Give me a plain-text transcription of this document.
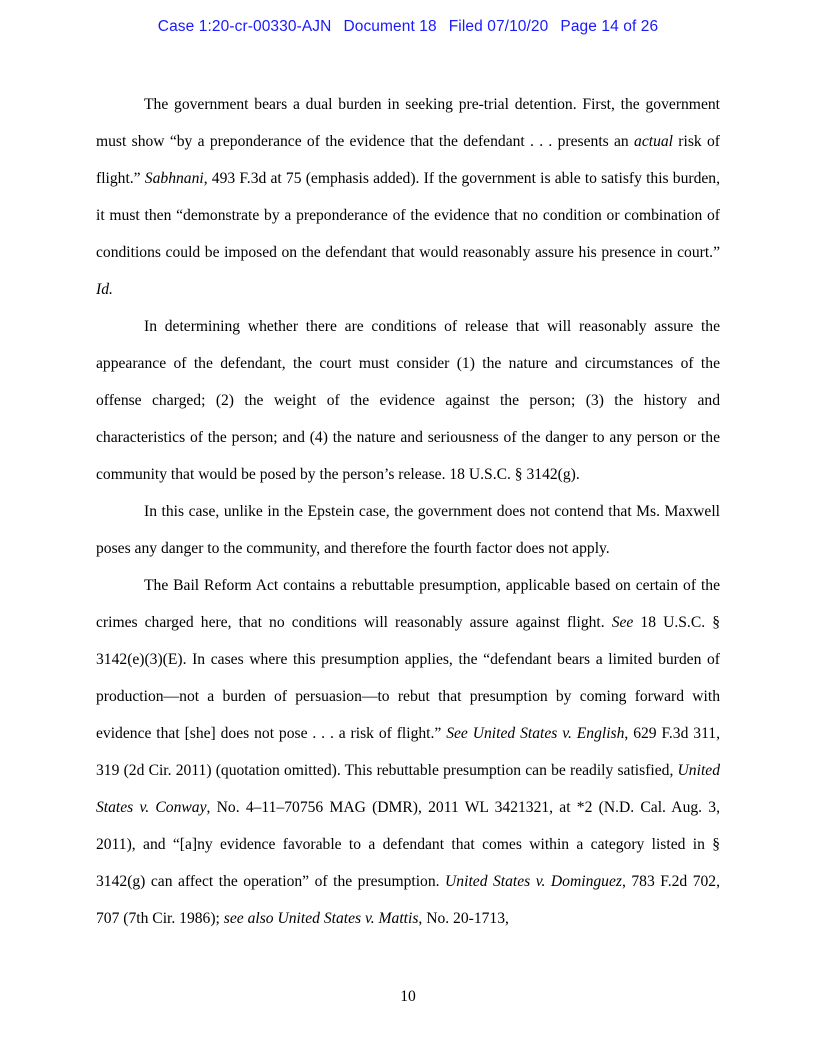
Case 1:20-cr-00330-AJN Document 18 Filed 07/10/20 Page 14 of 26

The government bears a dual burden in seeking pre-trial detention. First, the government must show “by a preponderance of the evidence that the defendant . . . presents an actual risk of flight.” Sabhnani, 493 F.3d at 75 (emphasis added). If the government is able to satisfy this burden, it must then “demonstrate by a preponderance of the evidence that no condition or combination of conditions could be imposed on the defendant that would reasonably assure his presence in court.” Id.

In determining whether there are conditions of release that will reasonably assure the appearance of the defendant, the court must consider (1) the nature and circumstances of the offense charged; (2) the weight of the evidence against the person; (3) the history and characteristics of the person; and (4) the nature and seriousness of the danger to any person or the community that would be posed by the person’s release. 18 U.S.C. § 3142(g).

In this case, unlike in the Epstein case, the government does not contend that Ms. Maxwell poses any danger to the community, and therefore the fourth factor does not apply.

The Bail Reform Act contains a rebuttable presumption, applicable based on certain of the crimes charged here, that no conditions will reasonably assure against flight. See 18 U.S.C. § 3142(e)(3)(E). In cases where this presumption applies, the “defendant bears a limited burden of production—not a burden of persuasion—to rebut that presumption by coming forward with evidence that [she] does not pose . . . a risk of flight.” See United States v. English, 629 F.3d 311, 319 (2d Cir. 2011) (quotation omitted). This rebuttable presumption can be readily satisfied, United States v. Conway, No. 4–11–70756 MAG (DMR), 2011 WL 3421321, at *2 (N.D. Cal. Aug. 3, 2011), and “[a]ny evidence favorable to a defendant that comes within a category listed in § 3142(g) can affect the operation” of the presumption. United States v. Dominguez, 783 F.2d 702, 707 (7th Cir. 1986); see also United States v. Mattis, No. 20-1713,

10
